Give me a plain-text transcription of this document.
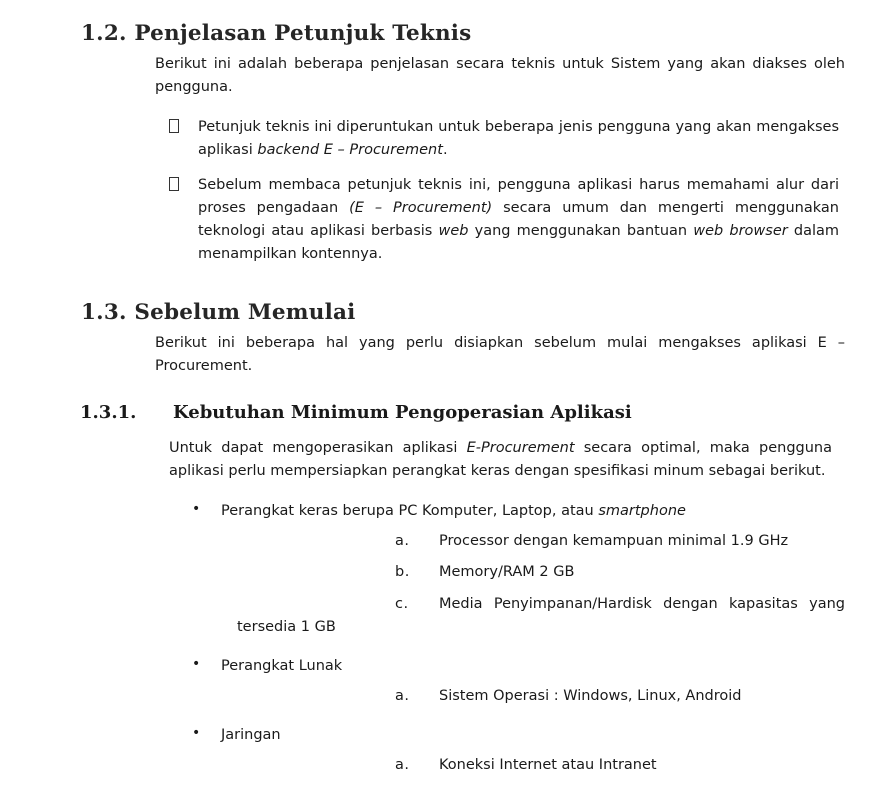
1.2. Penjelasan Petunjuk Teknis
Berikut ini adalah beberapa penjelasan secara teknis untuk Sistem yang akan diakses oleh pengguna.
Petunjuk teknis ini diperuntukan untuk beberapa jenis pengguna yang akan mengakses
aplikasi backend E – Procurement.
Sebelum membaca petunjuk teknis ini, pengguna aplikasi harus memahami alur dari
proses pengadaan (E – Procurement) secara umum dan mengerti menggunakan
teknologi atau aplikasi berbasis web yang menggunakan bantuan web browser dalam
menampilkan kontennya.
1.3. Sebelum Memulai
Berikut ini beberapa hal yang perlu disiapkan sebelum mulai mengakses aplikasi E –
Procurement.
1.3.1. Kebutuhan Minimum Pengoperasian Aplikasi
Untuk dapat mengoperasikan aplikasi E-Procurement secara optimal, maka pengguna
aplikasi perlu mempersiapkan perangkat keras dengan spesifikasi minum sebagai berikut.
• Perangkat keras berupa PC Komputer, Laptop, atau smartphone
a. Processor dengan kemampuan minimal 1.9 GHz
b. Memory/RAM 2 GB
c. Media Penyimpanan/Hardisk dengan kapasitas yang
tersedia 1 GB
• Perangkat Lunak
a. Sistem Operasi : Windows, Linux, Android
• Jaringan
a. Koneksi Internet atau Intranet
